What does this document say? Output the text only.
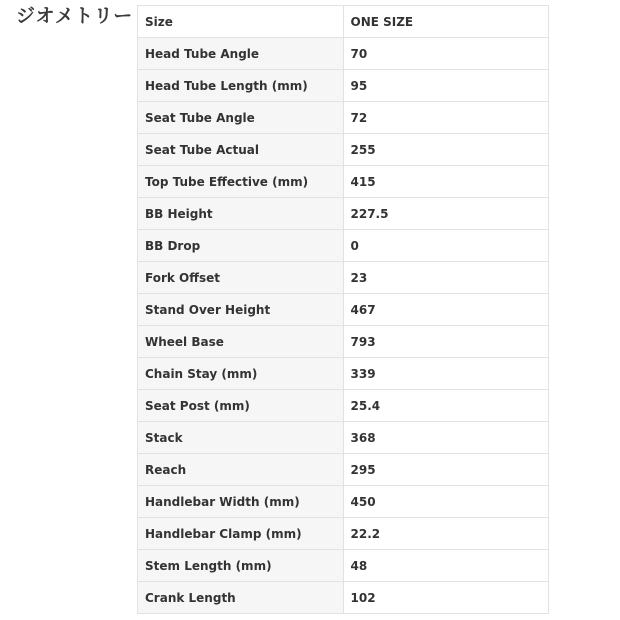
ジオメトリー Size	ONE SIZE
Head Tube Angle	70
Head Tube Length (mm)	95
Seat Tube Angle	72
Seat Tube Actual	255
Top Tube Effective (mm)	415
BB Height	227.5
BB Drop	0
Fork Offset	23
Stand Over Height	467
Wheel Base	793
Chain Stay (mm)	339
Seat Post (mm)	25.4
Stack	368
Reach	295
Handlebar Width (mm)	450
Handlebar Clamp (mm)	22.2
Stem Length (mm)	48
Crank Length	102
